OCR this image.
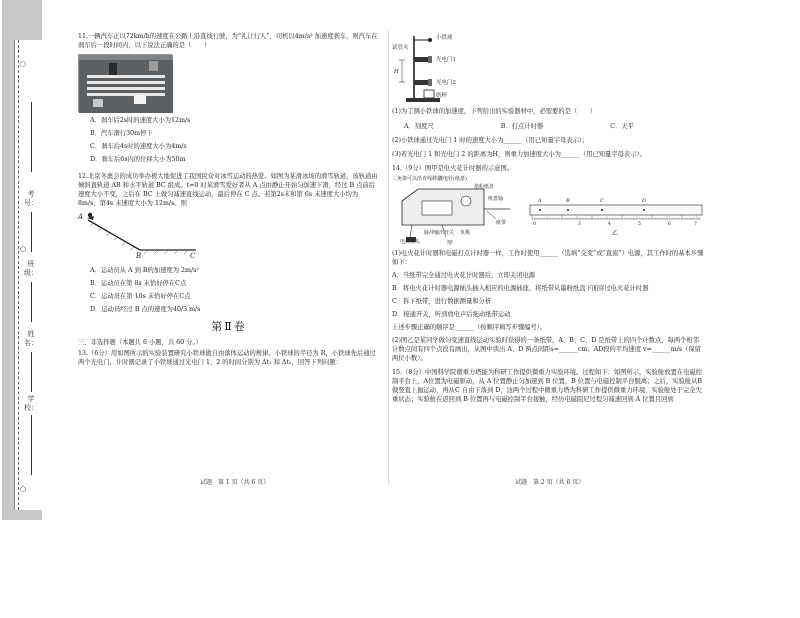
学校：
姓名：
班级：
考号：
○
○
○
11.一辆汽车正以72km/h的速度在公路上沿直线行驶，为“礼让行人”，司机以4m/s² 加速度刹车，则汽车在刹车后一段时间内，以下说法正确的是（　　）
A．刹车后2s时的速度大小为12m/s
B．汽车滑行30m停下
C．刹车后4s时的速度大小为4m/s
D．刹车后6s内的位移大小为50m
12.北京冬奥会的成功举办极大地促进了我国民众对冰雪运动的热爱。如图为某滑冰场的滑雪轨道，该轨道由倾斜直轨道 AB 和水平轨道 BC 组成。t=0 时某滑雪爱好者从 A 点由静止开始匀加速下滑，经过 B 点前后速度大小不变，之后在 BC 上做匀减速直线运动，最后停在 C 点。若第2s末和第 6s 末速度大小均为 8m/s，第4s 末速度大小为 12m/s。则
A
B	C
A．运动员从 A 到 B的加速度为 2m/s²
B．运动员在第 8s 末恰好停在C点
C．运动员在第 10s 末恰好停在C点
D．运动员经过 B 点的速度为40/3 m/s
第Ⅱ卷
三、非选择题（本题共 6 小题，共 60 分。）
13.（6分）用如图所示的实验装置研究小铁球做自由落体运动的规律。小铁球的半径为 R，小铁球先后通过两个光电门，计时器记录了小铁球通过光电门 1、2 的时间分别为 Δt₁ 和 Δt₂，回答下列问题：
试题　第 1 页（共 6 页）
小铁球
试管夹
光电门1
光电门2
H
纸杯
(1)为了测小铁球的加速度，下列给出的实验器材中，必需要的是（　　）
A．刻度尺	B．打点计时器	C．天平
(2)小铁球通过光电门 1 时的速度大小为______（用已知量字母表示）；
(3)若光电门 1 和光电门 2 的距离为H，则重力加速度大小为______（用已知量字母表示）。
14.（9分）图甲是电火花计时器的示意图。
三角架可以沿直线移动
放电针(纸盘)
墨粉纸盘
纸盘轴
电源插头
脉冲输出开关
纸带
负极
甲
乙
A	B	C	D
0	3	4	5	6	7
(1)电火花计时器和电磁打点计时器一样，工作时使用______（选填“交变”或“直流”）电源，其工作时的基本步骤如下：
A．当纸带完全通过电火花计时器后，立即关闭电源
B．将电火花计时器电源插头插入相应的电源插座，将纸带从墨粉纸盘下面穿过电火花计时器
C．拆下纸带，进行数据测量和分析
D．接通开关，听到放电声后拖动纸带运动
上述步骤正确的顺序是______（按顺序填写步骤编号）。
(2)图乙是某同学做匀变速直线运动实验时获得的一条纸带，A、B、C、D 是纸带上的四个计数点，每两个相邻计数点间有四个点没有画出，从图中读出 A、D 两点间距s=______cm；AD段的平均速度 v=______m/s（保留两位小数）。
15.（8分）中国科学院微重力塔能为科研工作提供微重力实验环境。过程如下：如图所示，实验舱放置在电磁控制平台上，A位置为电磁驱动，从 A 位置静止匀加速到 B 位置，B 位置与电磁控制平台脱离；之后，实验舱从B 做竖直上抛运动，再从C 自由下落到 D，这两个过程中微重力塔为科研工作提供微重力环境，实验舱处于完全失重状态；实验舱在返回到 B 位置再与电磁控制平台接触，经历电磁阻尼过程匀减速回到 A 位置且回到
试题　第 2 页（共 6 页）
